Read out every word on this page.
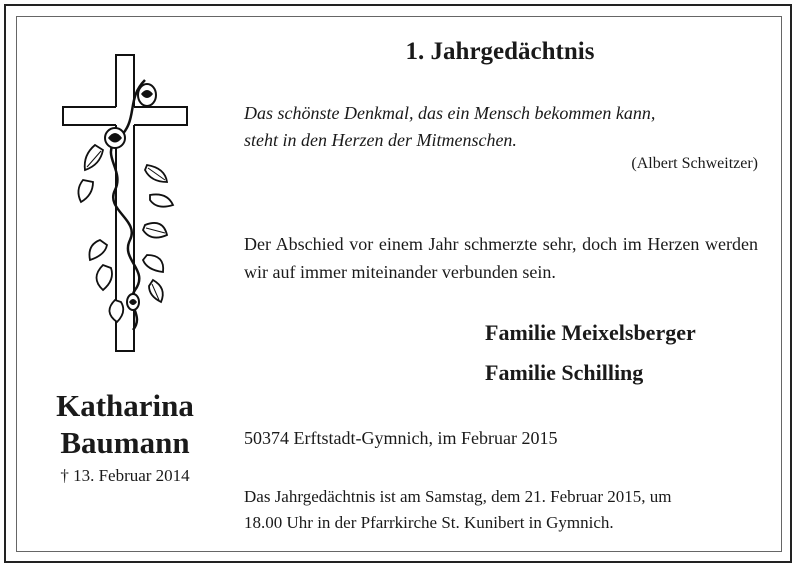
Katharina
Baumann
† 13. Februar 2014
1. Jahrgedächtnis
Das schönste Denkmal, das ein Mensch bekommen kann,
steht in den Herzen der Mitmenschen.
(Albert Schweitzer)
Der Abschied vor einem Jahr schmerzte sehr, doch im Herzen werden wir auf immer miteinander verbunden sein.
Familie Meixelsberger
Familie Schilling
50374 Erftstadt-Gymnich, im Februar 2015
Das Jahrgedächtnis ist am Samstag, dem 21. Februar 2015, um
18.00 Uhr in der Pfarrkirche St. Kunibert in Gymnich.
